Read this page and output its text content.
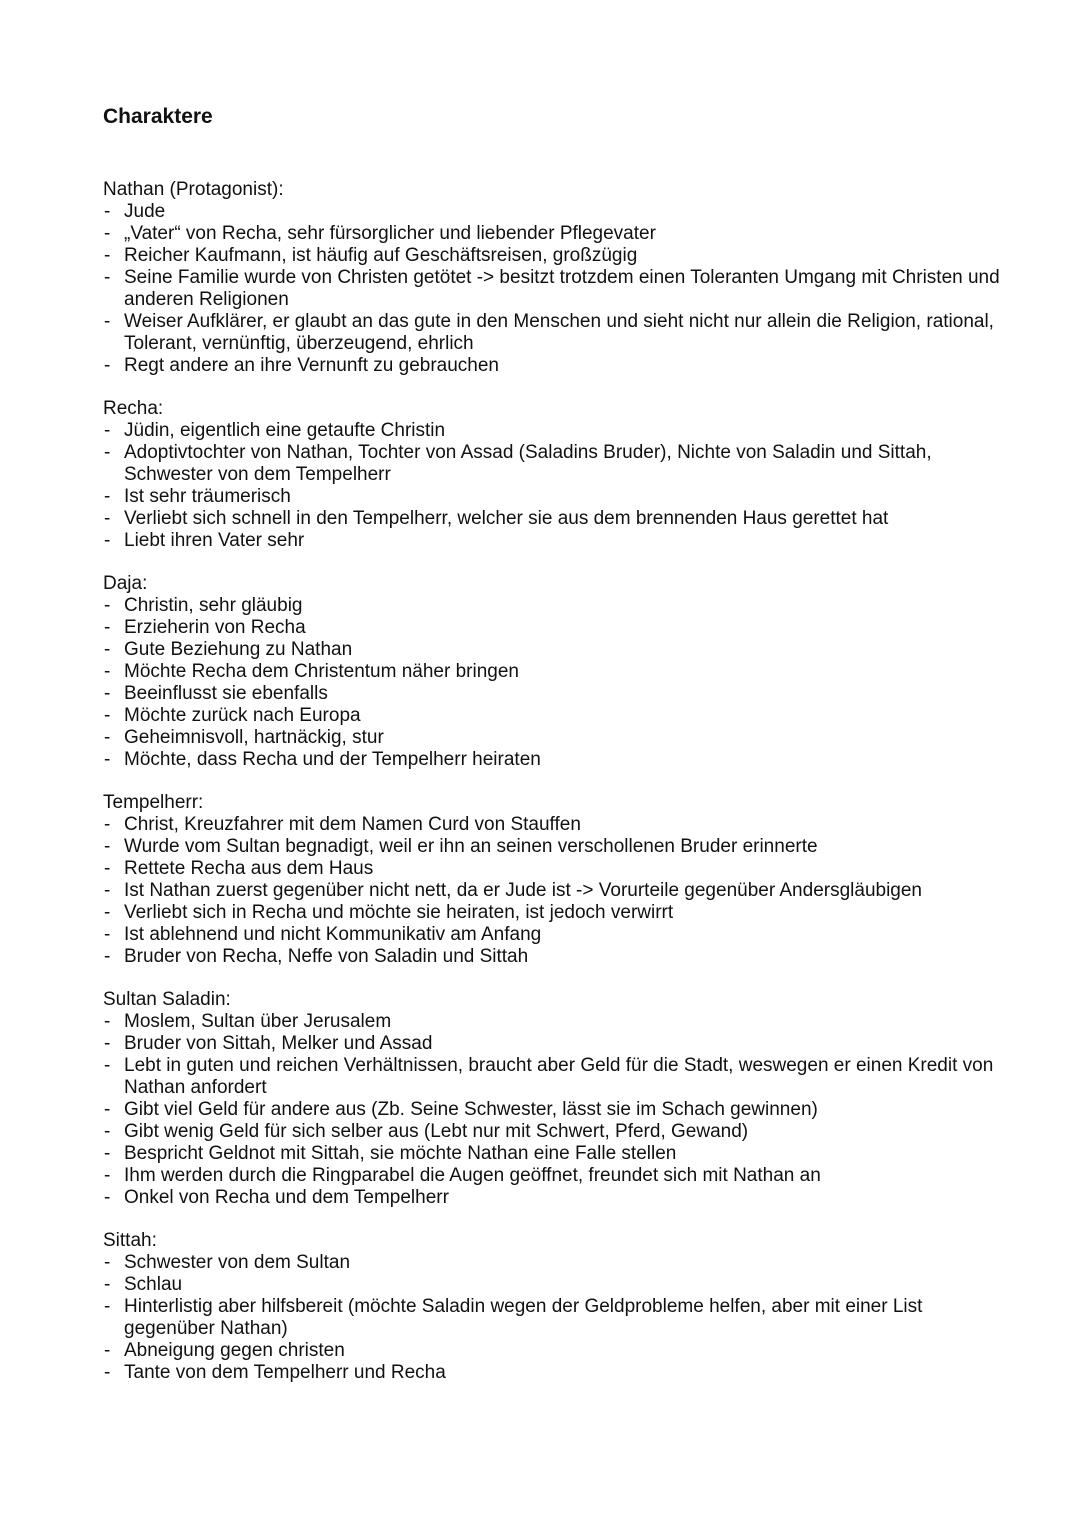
Charaktere

Nathan (Protagonist):

- Jude
- „Vater“ von Recha, sehr fürsorglicher und liebender Pflegevater
- Reicher Kaufmann, ist häufig auf Geschäftsreisen, großzügig
- Seine Familie wurde von Christen getötet -> besitzt trotzdem einen Toleranten Umgang mit Christen und anderen Religionen
- Weiser Aufklärer, er glaubt an das gute in den Menschen und sieht nicht nur allein die Religion, rational, Tolerant, vernünftig, überzeugend, ehrlich
- Regt andere an ihre Vernunft zu gebrauchen

Recha:

- Jüdin, eigentlich eine getaufte Christin
- Adoptivtochter von Nathan, Tochter von Assad (Saladins Bruder), Nichte von Saladin und Sittah, Schwester von dem Tempelherr
- Ist sehr träumerisch
- Verliebt sich schnell in den Tempelherr, welcher sie aus dem brennenden Haus gerettet hat
- Liebt ihren Vater sehr

Daja:

- Christin, sehr gläubig
- Erzieherin von Recha
- Gute Beziehung zu Nathan
- Möchte Recha dem Christentum näher bringen
- Beeinflusst sie ebenfalls
- Möchte zurück nach Europa
- Geheimnisvoll, hartnäckig, stur
- Möchte, dass Recha und der Tempelherr heiraten

Tempelherr:

- Christ, Kreuzfahrer mit dem Namen Curd von Stauffen
- Wurde vom Sultan begnadigt, weil er ihn an seinen verschollenen Bruder erinnerte
- Rettete Recha aus dem Haus
- Ist Nathan zuerst gegenüber nicht nett, da er Jude ist -> Vorurteile gegenüber Andersgläubigen
- Verliebt sich in Recha und möchte sie heiraten, ist jedoch verwirrt
- Ist ablehnend und nicht Kommunikativ am Anfang
- Bruder von Recha, Neffe von Saladin und Sittah

Sultan Saladin:

- Moslem, Sultan über Jerusalem
- Bruder von Sittah, Melker und Assad
- Lebt in guten und reichen Verhältnissen, braucht aber Geld für die Stadt, weswegen er einen Kredit von Nathan anfordert
- Gibt viel Geld für andere aus (Zb. Seine Schwester, lässt sie im Schach gewinnen)
- Gibt wenig Geld für sich selber aus (Lebt nur mit Schwert, Pferd, Gewand)
- Bespricht Geldnot mit Sittah, sie möchte Nathan eine Falle stellen
- Ihm werden durch die Ringparabel die Augen geöffnet, freundet sich mit Nathan an
- Onkel von Recha und dem Tempelherr

Sittah:

- Schwester von dem Sultan
- Schlau
- Hinterlistig aber hilfsbereit (möchte Saladin wegen der Geldprobleme helfen, aber mit einer List gegenüber Nathan)
- Abneigung gegen christen
- Tante von dem Tempelherr und Recha
